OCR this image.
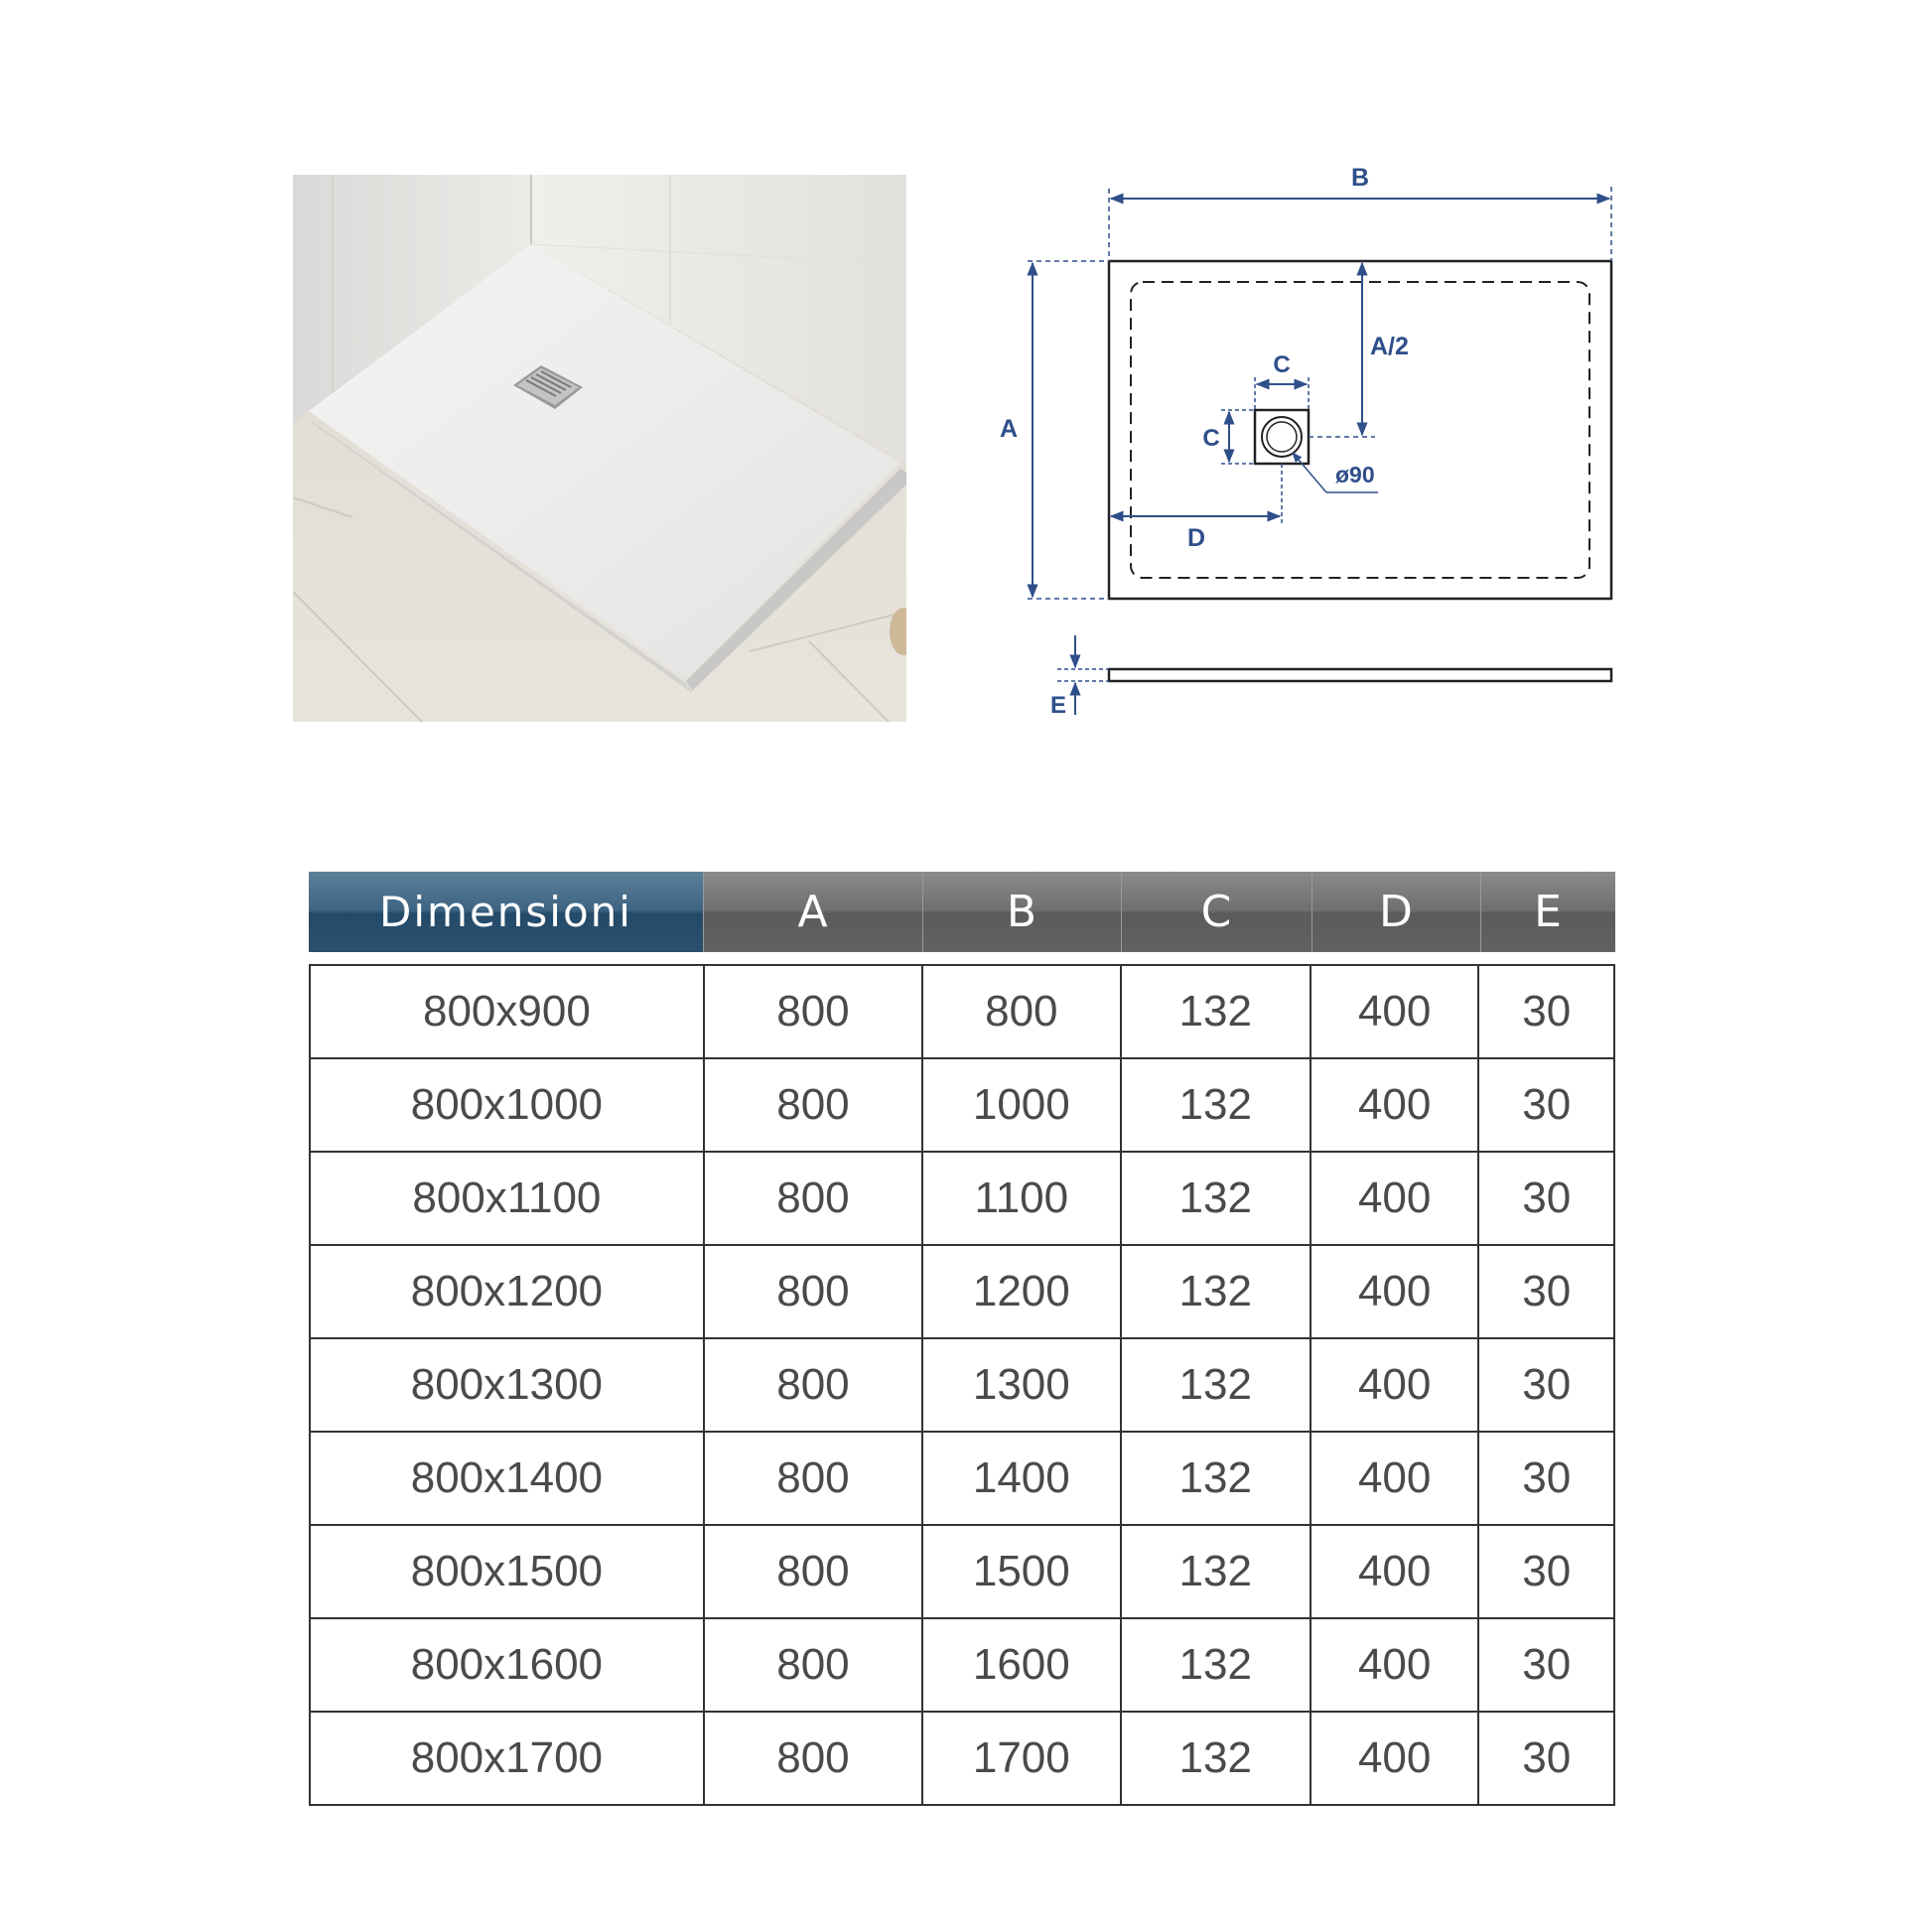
B
A
A/2
C
C
ø90
D
E
Dimensioni	A	B	C	D	E
800x900	800	800	132	400	30
800x1000	800	1000	132	400	30
800x1100	800	1100	132	400	30
800x1200	800	1200	132	400	30
800x1300	800	1300	132	400	30
800x1400	800	1400	132	400	30
800x1500	800	1500	132	400	30
800x1600	800	1600	132	400	30
800x1700	800	1700	132	400	30
